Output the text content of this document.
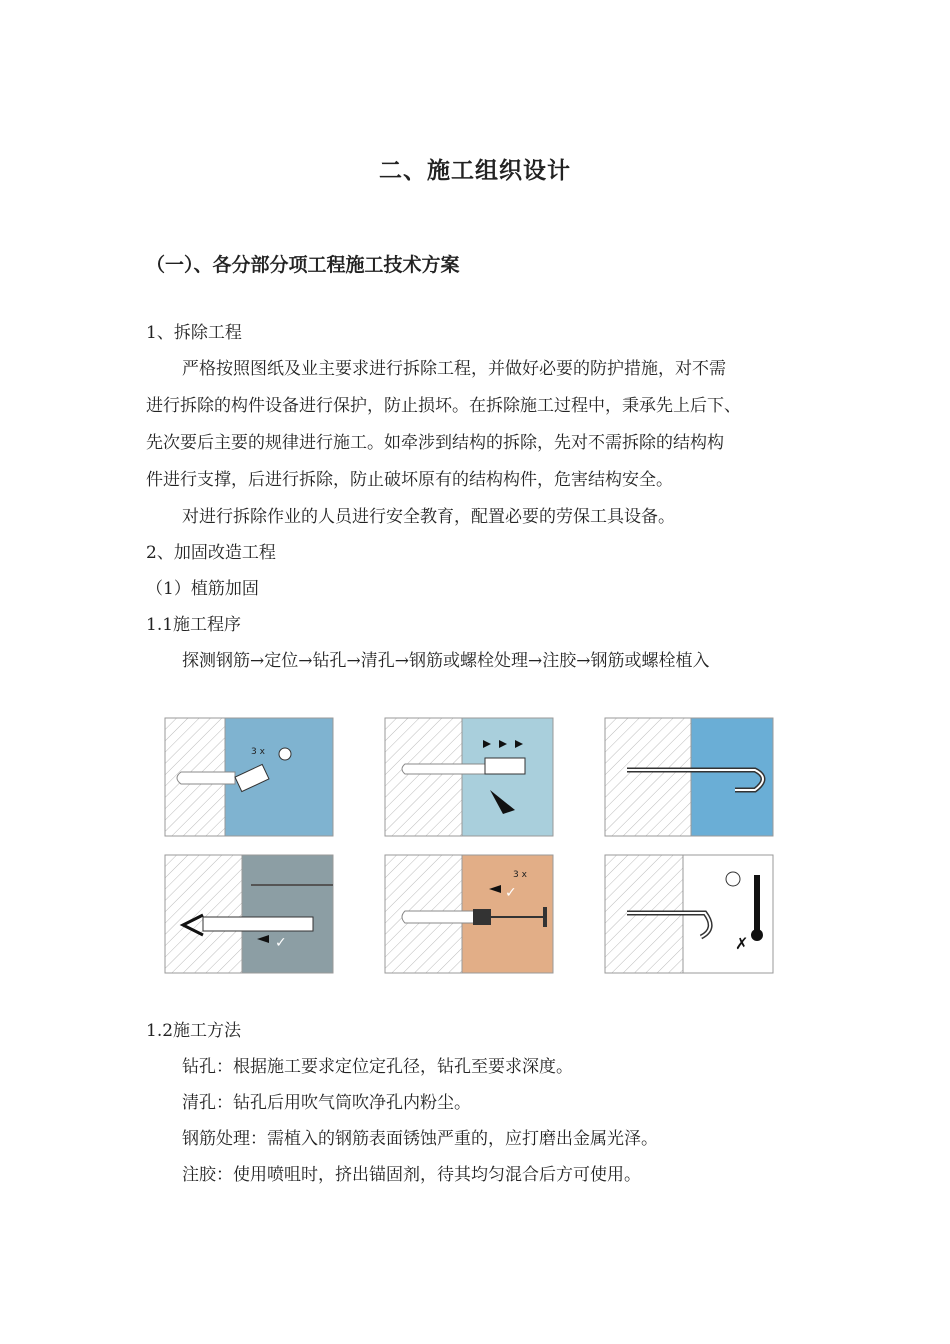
二、施工组织设计
（一）、各分部分项工程施工技术方案
1、拆除工程
严格按照图纸及业主要求进行拆除工程，并做好必要的防护措施，对不需
进行拆除的构件设备进行保护，防止损坏。在拆除施工过程中，秉承先上后下、
先次要后主要的规律进行施工。如牵涉到结构的拆除，先对不需拆除的结构构
件进行支撑，后进行拆除，防止破坏原有的结构构件，危害结构安全。
对进行拆除作业的人员进行安全教育，配置必要的劳保工具设备。
2、加固改造工程
（1）植筋加固
1.1施工程序
探测钢筋→定位→钻孔→清孔→钢筋或螺栓处理→注胶→钢筋或螺栓植入
3 x
✓
3 x
✓
✗
1.2施工方法
钻孔：根据施工要求定位定孔径，钻孔至要求深度。
清孔：钻孔后用吹气筒吹净孔内粉尘。
钢筋处理：需植入的钢筋表面锈蚀严重的，应打磨出金属光泽。
注胶：使用喷咀时，挤出锚固剂，待其均匀混合后方可使用。
